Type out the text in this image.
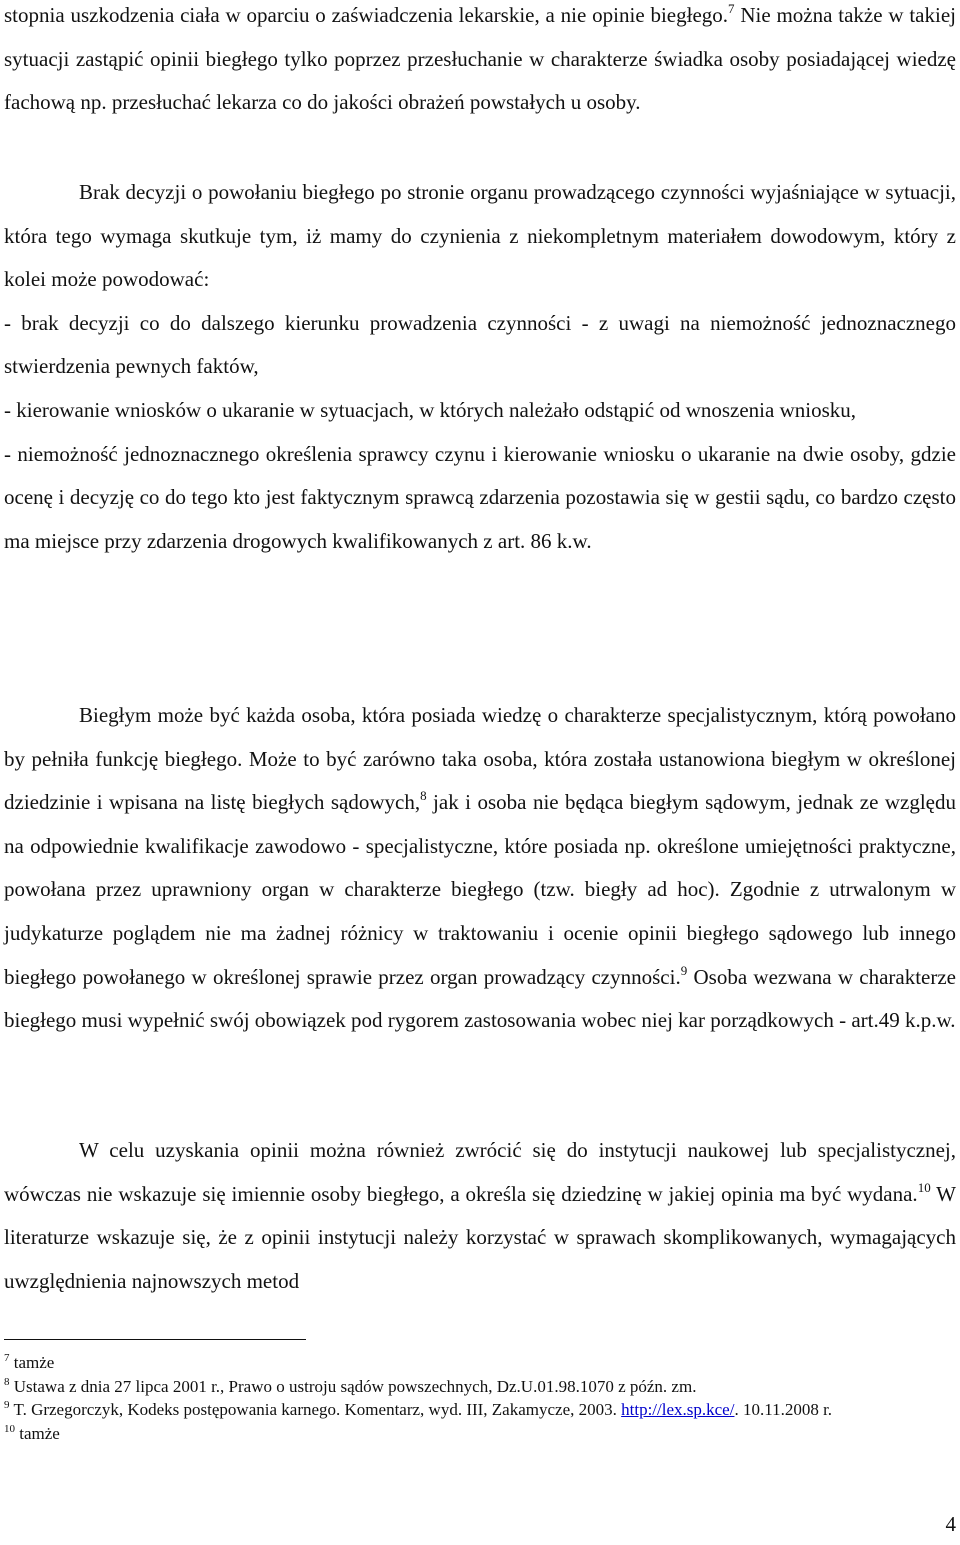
stopnia uszkodzenia ciała w oparciu o zaświadczenia lekarskie, a nie opinie biegłego.$^7$ Nie można także w takiej sytuacji zastąpić opinii biegłego tylko poprzez przesłuchanie w charakterze świadka osoby posiadającej wiedzę fachową np. przesłuchać lekarza co do jakości obrażeń powstałych u osoby.

Brak decyzji o powołaniu biegłego po stronie organu prowadzącego czynności wyjaśniające w sytuacji, która tego wymaga skutkuje tym, iż mamy do czynienia z niekompletnym materiałem dowodowym, który z kolei może powodować:

- brak decyzji co do dalszego kierunku prowadzenia czynności - z uwagi na niemożność jednoznacznego stwierdzenia pewnych faktów,

- kierowanie wniosków o ukaranie w sytuacjach, w których należało odstąpić od wnoszenia wniosku,

- niemożność jednoznacznego określenia sprawcy czynu i kierowanie wniosku o ukaranie na dwie osoby, gdzie ocenę i decyzję co do tego kto jest faktycznym sprawcą zdarzenia pozostawia się w gestii sądu, co bardzo często ma miejsce przy zdarzenia drogowych kwalifikowanych z art. 86 k.w.

Biegłym może być każda osoba, która posiada wiedzę o charakterze specjalistycznym, którą powołano by pełniła funkcję biegłego. Może to być zarówno taka osoba, która została ustanowiona biegłym w określonej dziedzinie i wpisana na listę biegłych sądowych,$^8$ jak i osoba nie będąca biegłym sądowym, jednak ze względu na odpowiednie kwalifikacje zawodowo - specjalistyczne, które posiada np. określone umiejętności praktyczne, powołana przez uprawniony organ w charakterze biegłego (tzw. biegły ad hoc). Zgodnie z utrwalonym w judykaturze poglądem nie ma żadnej różnicy w traktowaniu i ocenie opinii biegłego sądowego lub innego biegłego powołanego w określonej sprawie przez organ prowadzący czynności.$^9$ Osoba wezwana w charakterze biegłego musi wypełnić swój obowiązek pod rygorem zastosowania wobec niej kar porządkowych - art.49 k.p.w.

W celu uzyskania opinii można również zwrócić się do instytucji naukowej lub specjalistycznej, wówczas nie wskazuje się imiennie osoby biegłego, a określa się dziedzinę w jakiej opinia ma być wydana.$^{10}$ W literaturze wskazuje się, że z opinii instytucji należy korzystać w sprawach skomplikowanych, wymagających uwzględnienia najnowszych metod

$^7$ tamże

$^8$ Ustawa z dnia 27 lipca 2001 r., Prawo o ustroju sądów powszechnych, Dz.U.01.98.1070 z późn. zm.

$^9$ T. Grzegorczyk, Kodeks postępowania karnego. Komentarz, wyd. III, Zakamycze, 2003. http://lex.sp.kce/. 10.11.2008 r.

$^{10}$ tamże

4
